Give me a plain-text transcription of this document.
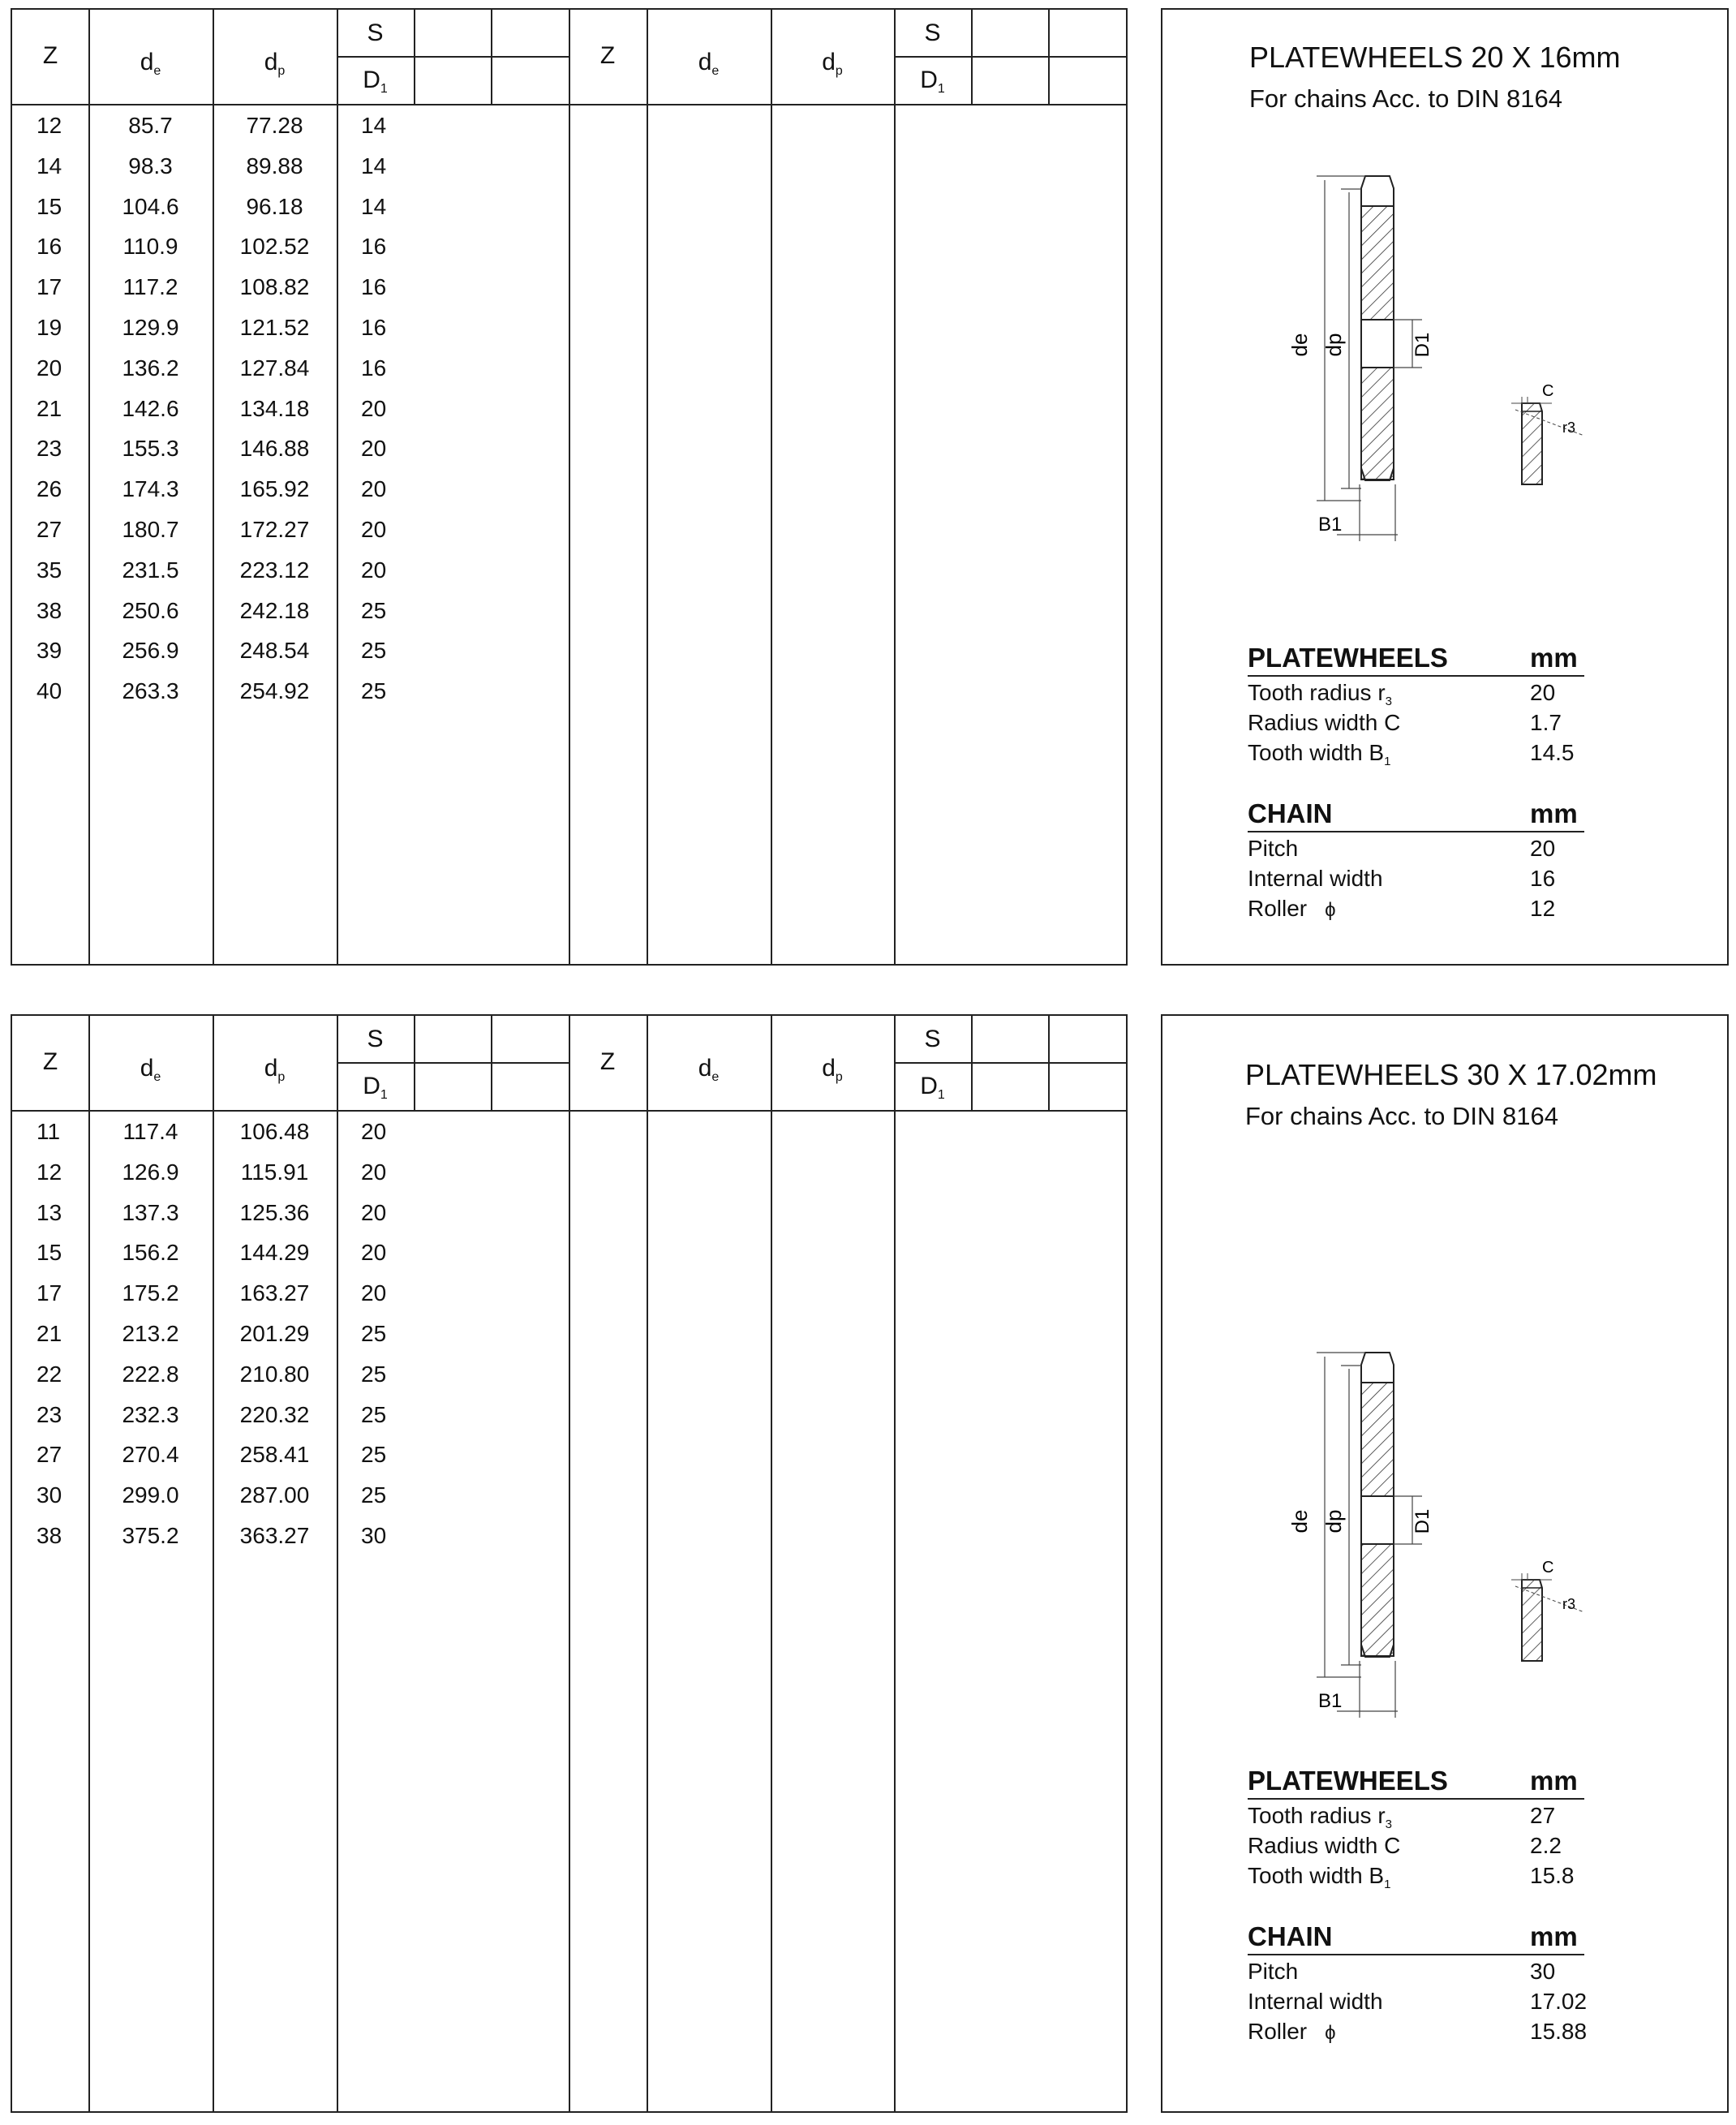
Z	$d_e$	$d_p$
S
$D_1$
Z	$d_e$	$d_p$
S
$D_1$
12	85.7	77.28	14
14	98.3	89.88	14
15	104.6	96.18	14
16	110.9	102.52	16
17	117.2	108.82	16
19	129.9	121.52	16
20	136.2	127.84	16
21	142.6	134.18	20
23	155.3	146.88	20
26	174.3	165.92	20
27	180.7	172.27	20
35	231.5	223.12	20
38	250.6	242.18	25
39	256.9	248.54	25
40	263.3	254.92	25
PLATEWHEELS 20 X 16mm
For chains Acc. to DIN 8164
de dp	D1
B1
C
r3
PLATEWHEELS	mm
Tooth radius $r_3$	20
Radius width C	1.7
Tooth width $B_1$	14.5
CHAIN	mm
Pitch	20
Internal width	16
Roller ϕ	12
Z	$d_e$	$d_p$
S
$D_1$
Z	$d_e$	$d_p$
S
$D_1$
11	117.4	106.48	20
12	126.9	115.91	20
13	137.3	125.36	20
15	156.2	144.29	20
17	175.2	163.27	20
21	213.2	201.29	25
22	222.8	210.80	25
23	232.3	220.32	25
27	270.4	258.41	25
30	299.0	287.00	25
38	375.2	363.27	30
PLATEWHEELS 30 X 17.02mm
For chains Acc. to DIN 8164
de dp	D1
B1
C
r3
PLATEWHEELS	mm
Tooth radius $r_3$	27
Radius width C	2.2
Tooth width $B_1$	15.8
CHAIN	mm
Pitch	30
Internal width	17.02
Roller ϕ	15.88
